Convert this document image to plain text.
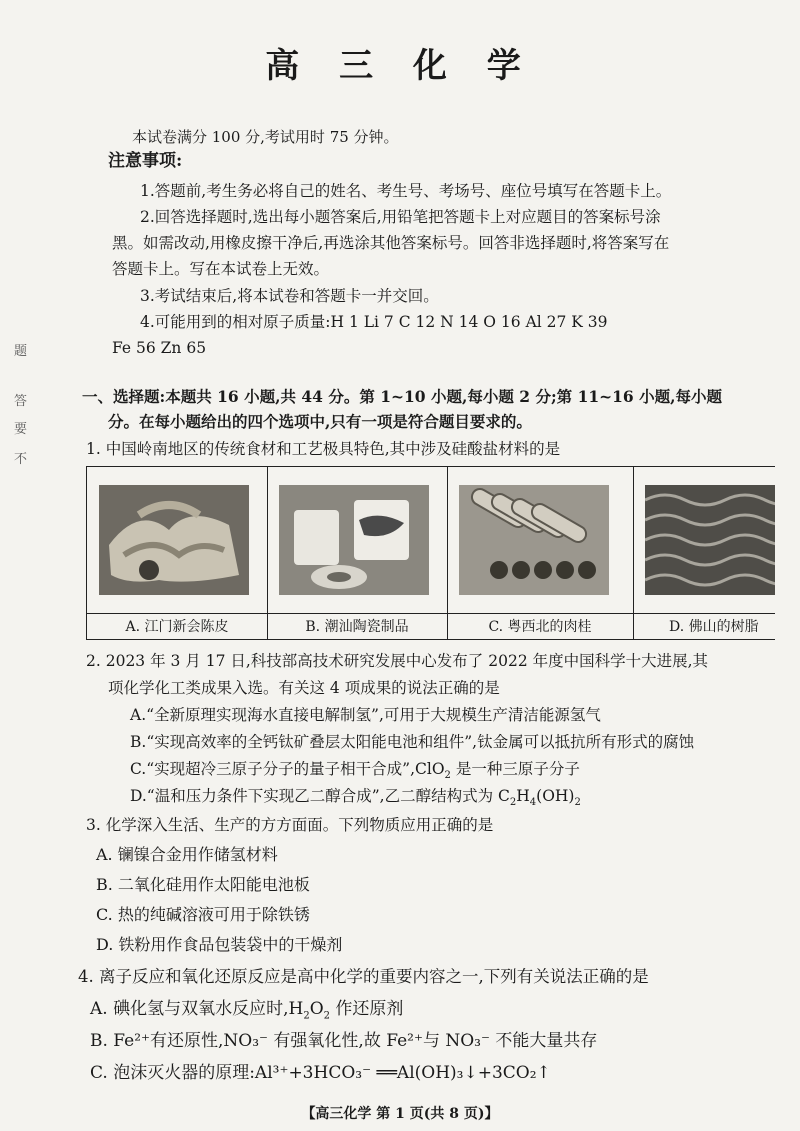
高 三 化 学
本试卷满分 100 分,考试用时 75 分钟。
注意事项:
1.答题前,考生务必将自己的姓名、考生号、考场号、座位号填写在答题卡上。
2.回答选择题时,选出每小题答案后,用铅笔把答题卡上对应题目的答案标号涂
黑。如需改动,用橡皮擦干净后,再选涂其他答案标号。回答非选择题时,将答案写在
答题卡上。写在本试卷上无效。
3.考试结束后,将本试卷和答题卡一并交回。
4.可能用到的相对原子质量:H 1 Li 7 C 12 N 14 O 16 Al 27 K 39
Fe 56 Zn 65
题
答
要
不
一、选择题:本题共 16 小题,共 44 分。第 1~10 小题,每小题 2 分;第 11~16 小题,每小题
分。在每小题给出的四个选项中,只有一项是符合题目要求的。
1. 中国岭南地区的传统食材和工艺极具特色,其中涉及硅酸盐材料的是
A. 江门新会陈皮	B. 潮汕陶瓷制品	C. 粤西北的肉桂	D. 佛山的树脂
2. 2023 年 3 月 17 日,科技部高技术研究发展中心发布了 2022 年度中国科学十大进展,其
项化学化工类成果入选。有关这 4 项成果的说法正确的是
A.“全新原理实现海水直接电解制氢”,可用于大规模生产清洁能源氢气
B.“实现高效率的全钙钛矿叠层太阳能电池和组件”,钛金属可以抵抗所有形式的腐蚀
C.“实现超冷三原子分子的量子相干合成”,ClO$_2$ 是一种三原子分子
D.“温和压力条件下实现乙二醇合成”,乙二醇结构式为 $C_2H_4(OH)_2$
3. 化学深入生活、生产的方方面面。下列物质应用正确的是
A. 镧镍合金用作储氢材料
B. 二氧化硅用作太阳能电池板
C. 热的纯碱溶液可用于除铁锈
D. 铁粉用作食品包装袋中的干燥剂
4. 离子反应和氧化还原反应是高中化学的重要内容之一,下列有关说法正确的是
A. 碘化氢与双氧水反应时$,H_2O_2$ 作还原剂
B. Fe²⁺有还原性,NO₃⁻ 有强氧化性,故 Fe²⁺与 NO₃⁻ 不能大量共存
C. 泡沫灭火器的原理:Al³⁺+3HCO₃⁻ ══Al(OH)₃↓+3CO₂↑
【高三化学 第 1 页(共 8 页)】
